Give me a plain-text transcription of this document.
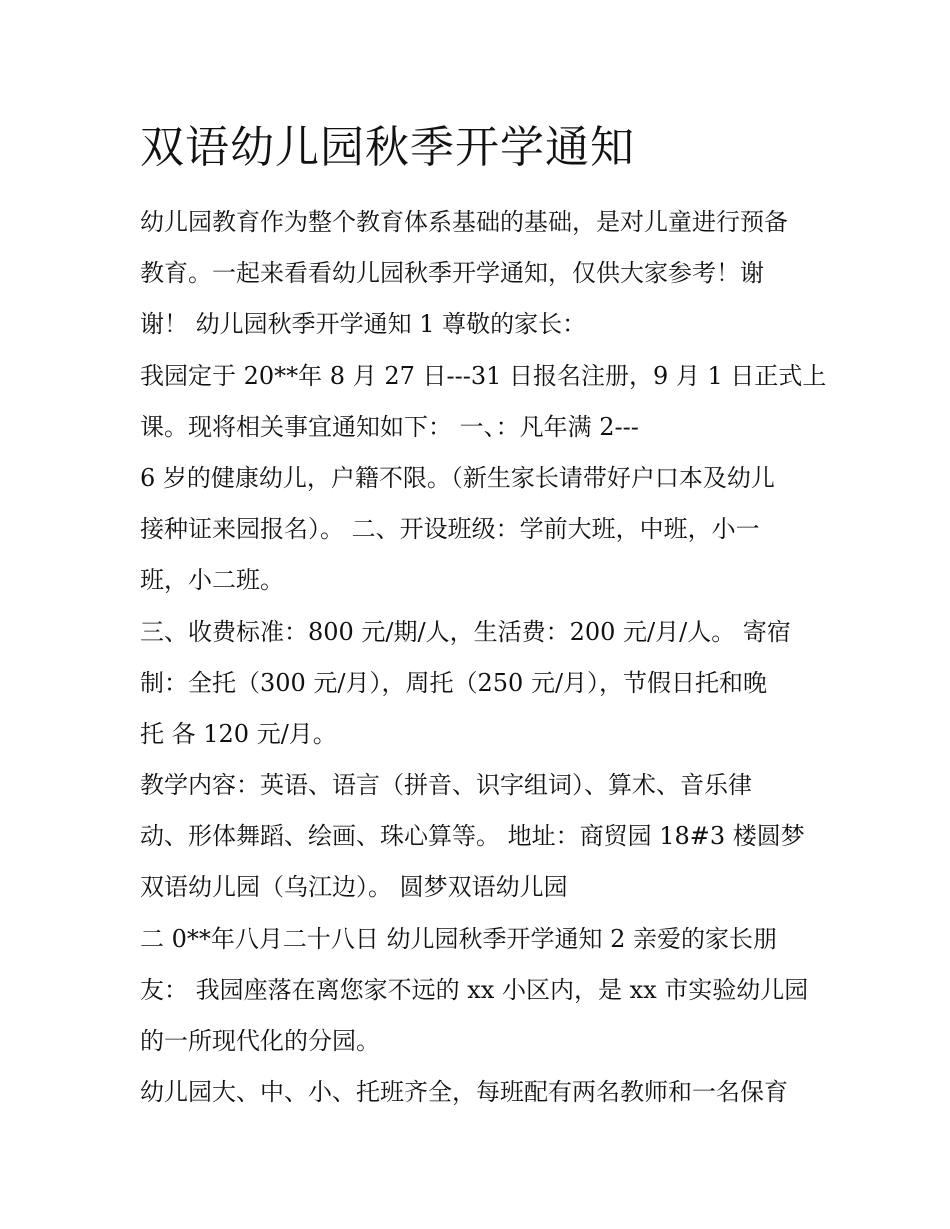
双语幼儿园秋季开学通知
幼儿园教育作为整个教育体系基础的基础，是对儿童进行预备
教育。一起来看看幼儿园秋季开学通知，仅供大家参考！谢
谢！ 幼儿园秋季开学通知 1 尊敬的家长：
我园定于 20**年 8 月 27 日---31 日报名注册，9 月 1 日正式上
课。现将相关事宜通知如下： 一、：凡年满 2---
6 岁的健康幼儿，户籍不限。（新生家长请带好户口本及幼儿
接种证来园报名）。 二、开设班级：学前大班，中班，小一
班，小二班。
三、收费标准：800 元/期/人，生活费：200 元/月/人。 寄宿
制：全托（300 元/月），周托（250 元/月），节假日托和晚
托 各 120 元/月。
教学内容：英语、语言（拼音、识字组词）、算术、音乐律
动、形体舞蹈、绘画、珠心算等。 地址：商贸园 18#3 楼圆梦
双语幼儿园（乌江边）。 圆梦双语幼儿园
二 0**年八月二十八日 幼儿园秋季开学通知 2 亲爱的家长朋
友： 我园座落在离您家不远的 xx 小区内，是 xx 市实验幼儿园
的一所现代化的分园。
幼儿园大、中、小、托班齐全，每班配有两名教师和一名保育
